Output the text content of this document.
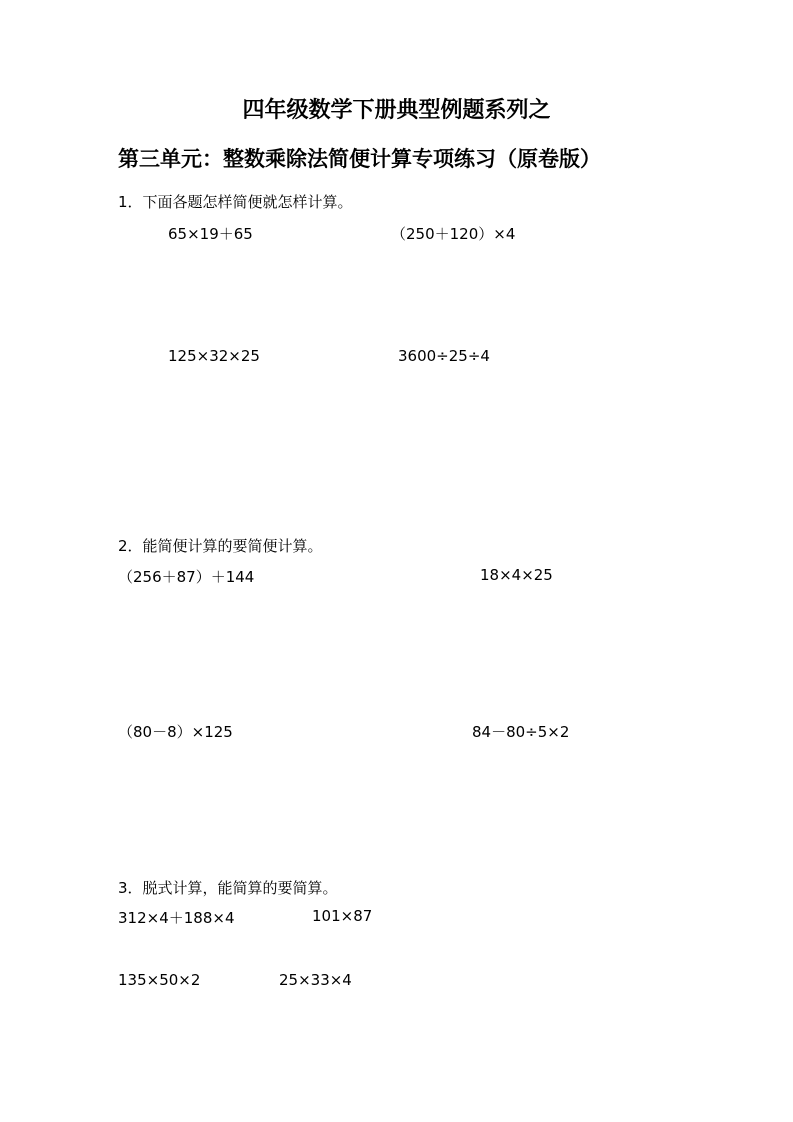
四年级数学下册典型例题系列之
第三单元：整数乘除法简便计算专项练习（原卷版）
1．下面各题怎样简便就怎样计算。
65×19＋65	（250＋120）×4
125×32×25	3600÷25÷4
2．能简便计算的要简便计算。
（256＋87）＋144	18×4×25
（80－8）×125	84－80÷5×2
3．脱式计算，能简算的要简算。
312×4＋188×4	101×87
135×50×2	25×33×4
